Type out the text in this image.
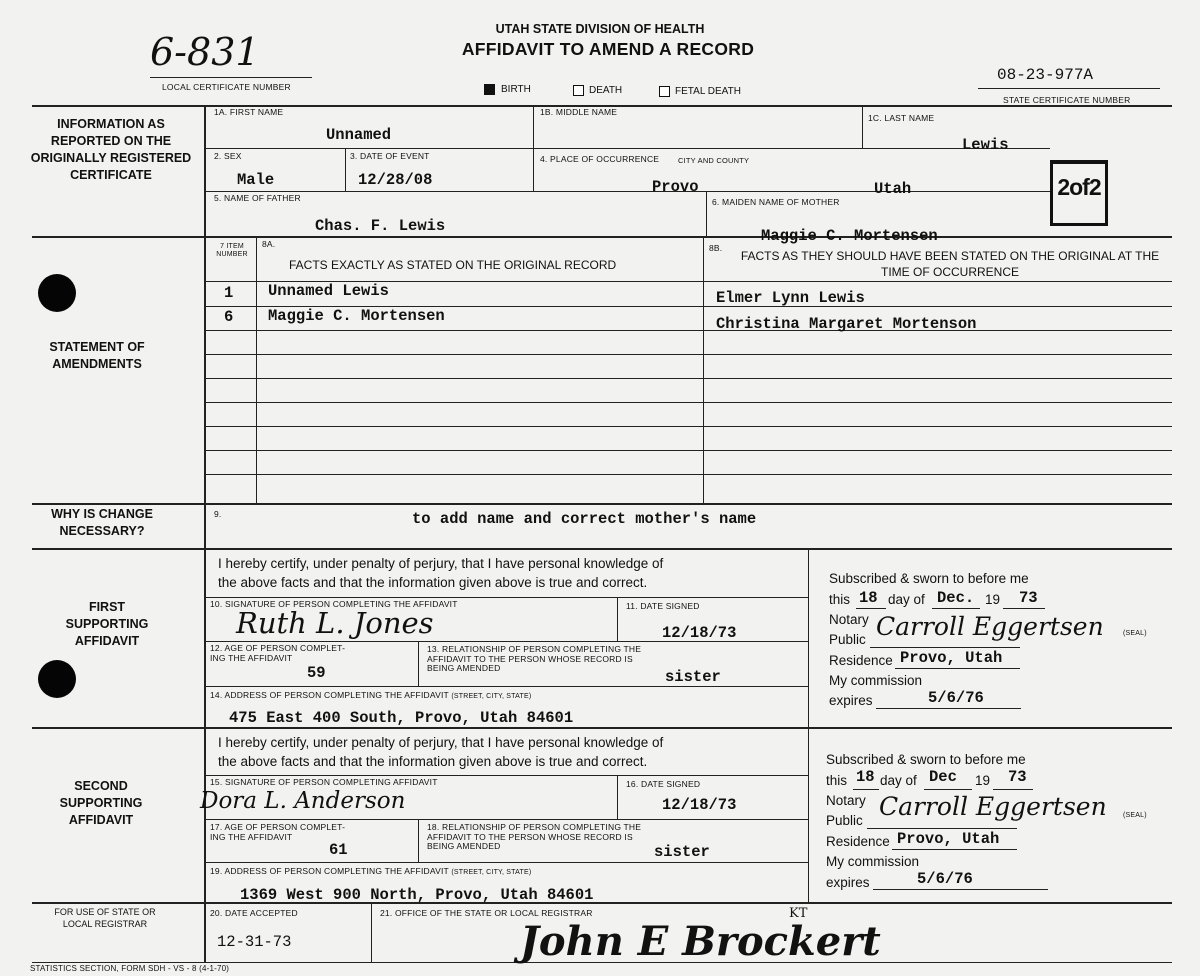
UTAH STATE DIVISION OF HEALTH
AFFIDAVIT TO AMEND A RECORD
6-831
LOCAL CERTIFICATE NUMBER	BIRTH	DEATH	FETAL DEATH
08-23-977A
STATE CERTIFICATE NUMBER
2of2
INFORMATION AS REPORTED ON THE ORIGINALLY REGISTERED CERTIFICATE
STATEMENT OF AMENDMENTS
WHY IS CHANGE NECESSARY?
FIRST SUPPORTING AFFIDAVIT
SECOND SUPPORTING AFFIDAVIT
FOR USE OF STATE OR LOCAL REGISTRAR
1A. FIRST NAME
Unnamed
1B. MIDDLE NAME
1C. LAST NAME
Lewis
2. SEX
Male
3. DATE OF EVENT
12/28/08
4. PLACE OF OCCURRENCE	CITY AND COUNTY
Provo	Utah
5. NAME OF FATHER
Chas. F. Lewis
6. MAIDEN NAME OF MOTHER
Maggie C. Mortensen
7 ITEM NUMBER
8A.
FACTS EXACTLY AS STATED ON THE ORIGINAL RECORD
8B.
FACTS AS THEY SHOULD HAVE BEEN STATED ON THE ORIGINAL AT THE TIME OF OCCURRENCE
1 Unnamed Lewis	Elmer Lynn Lewis
6 Maggie C. Mortensen	Christina Margaret Mortenson
9.	to add name and correct mother's name
I hereby certify, under penalty of perjury, that I have personal knowledge of
the above facts and that the information given above is true and correct.
10. SIGNATURE OF PERSON COMPLETING THE AFFIDAVIT
Ruth L. Jones	11. DATE SIGNED
12/18/73
12. AGE OF PERSON COMPLET-
ING THE AFFIDAVIT
59
13. RELATIONSHIP OF PERSON COMPLETING THE
AFFIDAVIT TO THE PERSON WHOSE RECORD IS
BEING AMENDED	sister
14. ADDRESS OF PERSON COMPLETING THE AFFIDAVIT (STREET, CITY, STATE)
475 East 400 South, Provo, Utah 84601
Subscribed & sworn to before me
this 18 day of Dec. 19 73
Notary
Public Carroll Eggertsen	(SEAL)
Residence Provo, Utah
My commission
expires	5/6/76
I hereby certify, under penalty of perjury, that I have personal knowledge of
the above facts and that the information given above is true and correct.
15. SIGNATURE OF PERSON COMPLETING AFFIDAVIT
Dora L. Anderson
16. DATE SIGNED
12/18/73
17. AGE OF PERSON COMPLET-
ING THE AFFIDAVIT
61
18. RELATIONSHIP OF PERSON COMPLETING THE
AFFIDAVIT TO THE PERSON WHOSE RECORD IS
BEING AMENDED	sister
19. ADDRESS OF PERSON COMPLETING THE AFFIDAVIT (STREET, CITY, STATE)
1369 West 900 North, Provo, Utah 84601
Subscribed & sworn to before me
this 18 day of Dec 19 73
Notary
Public Carroll Eggertsen (SEAL)
Residence Provo, Utah
My commission
expires	5/6/76
20. DATE ACCEPTED
12-31-73
21. OFFICE OF THE STATE OR LOCAL REGISTRAR
John E Brockert
KT
STATISTICS SECTION, FORM SDH - VS - 8 (4-1-70)
